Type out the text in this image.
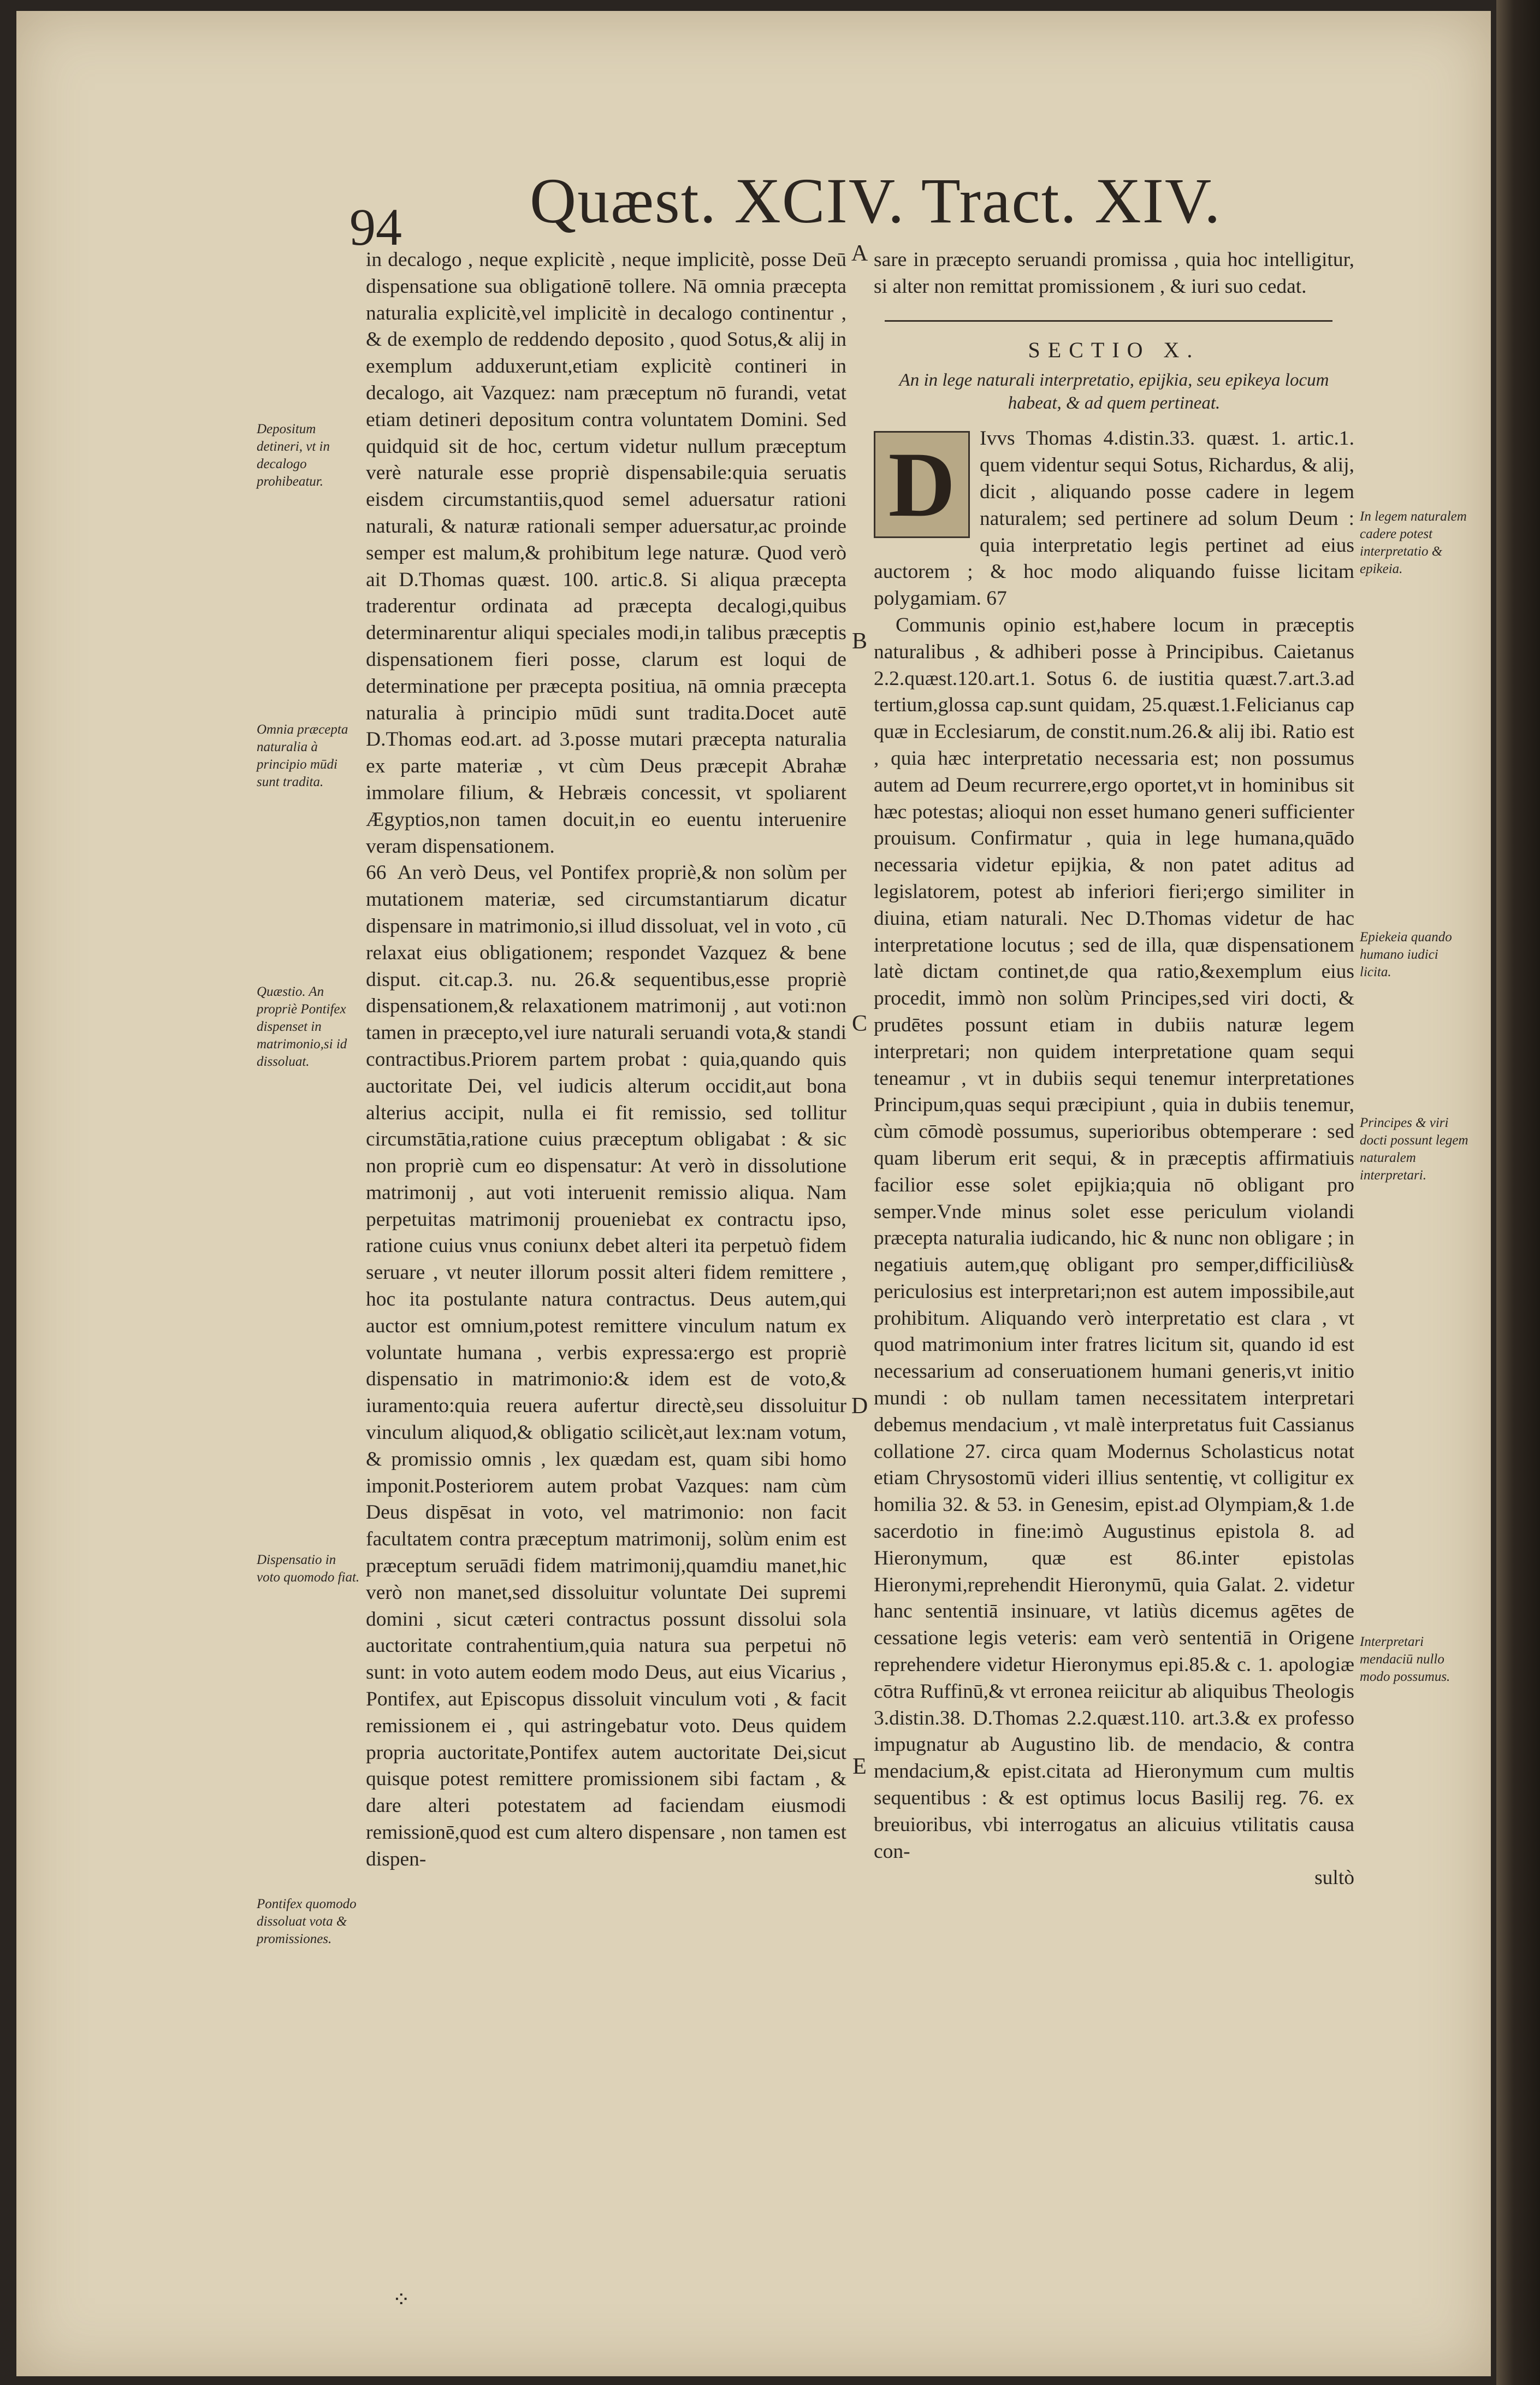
94 Quæst. XCIV. Tract. XIV.

in decalogo , neque explicitè , neque implicitè, posse Deū dispensatione sua obligationē tollere. Nā omnia præcepta naturalia explicitè,vel implicitè in decalogo continentur , & de exemplo de reddendo deposito , quod Sotus,& alij in exemplum adduxerunt,etiam explicitè contineri in decalogo, ait Vazquez: nam præceptum nō furandi, vetat etiam detineri depositum contra voluntatem Domini. Sed quidquid sit de hoc, certum videtur nullum præceptum verè naturale esse propriè dispensabile:quia seruatis eisdem circumstantiis,quod semel aduersatur rationi naturali, & naturæ rationali semper aduersatur,ac proinde semper est malum,& prohibitum lege naturæ. Quod verò ait D.Thomas quæst. 100. artic.8. Si aliqua præcepta traderentur ordinata ad præcepta decalogi,quibus determinarentur aliqui speciales modi,in talibus præceptis dispensationem fieri posse, clarum est loqui de determinatione per præcepta positiua, nā omnia præcepta naturalia à principio mūdi sunt tradita.Docet autē D.Thomas eod.art. ad 3.posse mutari præcepta naturalia ex parte materiæ , vt cùm Deus præcepit Abrahæ immolare filium, & Hebræis concessit, vt spoliarent Ægyptios,non tamen docuit,in eo euentu interuenire veram dispensationem.

66 An verò Deus, vel Pontifex propriè,& non solùm per mutationem materiæ, sed circumstantiarum dicatur dispensare in matrimonio,si illud dissoluat, vel in voto , cū relaxat eius obligationem; respondet Vazquez & bene disput. cit.cap.3. nu. 26.& sequentibus,esse propriè dispensationem,& relaxationem matrimonij , aut voti:non tamen in præcepto,vel iure naturali seruandi vota,& standi contractibus.Priorem partem probat : quia,quando quis auctoritate Dei, vel iudicis alterum occidit,aut bona alterius accipit, nulla ei fit remissio, sed tollitur circumstātia,ratione cuius præceptum obligabat : & sic non propriè cum eo dispensatur: At verò in dissolutione matrimonij , aut voti interuenit remissio aliqua. Nam perpetuitas matrimonij proueniebat ex contractu ipso, ratione cuius vnus coniunx debet alteri ita perpetuò fidem seruare , vt neuter illorum possit alteri fidem remittere , hoc ita postulante natura contractus. Deus autem,qui auctor est omnium,potest remittere vinculum natum ex voluntate humana , verbis expressa:ergo est propriè dispensatio in matrimonio:& idem est de voto,& iuramento:quia reuera aufertur directè,seu dissoluitur vinculum aliquod,& obligatio scilicèt,aut lex:nam votum, & promissio omnis , lex quædam est, quam sibi homo imponit.Posteriorem autem probat Vazques: nam cùm Deus dispēsat in voto, vel matrimonio: non facit facultatem contra præceptum matrimonij, solùm enim est præceptum seruādi fidem matrimonij,quamdiu manet,hic verò non manet,sed dissoluitur voluntate Dei supremi domini , sicut cæteri contractus possunt dissolui sola auctoritate contrahentium,quia natura sua perpetui nō sunt: in voto autem eodem modo Deus, aut eius Vicarius , Pontifex, aut Episcopus dissoluit vinculum voti , & facit remissionem ei , qui astringebatur voto. Deus quidem propria auctoritate,Pontifex autem auctoritate Dei,sicut quisque potest remittere promissionem sibi factam , & dare alteri potestatem ad faciendam eiusmodi remissionē,quod est cum altero dispensare , non tamen est dispen-

sare in præcepto seruandi promissa , quia hoc intelligitur, si alter non remittat promissionem , & iuri suo cedat.

SECTIO X.
An in lege naturali interpretatio, epijkia, seu epikeya locum habeat, & ad quem pertineat.
D	Ivvs Thomas 4.distin.33. quæst. 1. artic.1. quem videntur sequi Sotus, Richardus, & alij, dicit , aliquando posse cadere in legem naturalem; sed pertinere ad solum Deum : quia interpretatio legis pertinet ad eius auctorem ; & hoc modo aliquando fuisse licitam polygamiam. 67

Communis opinio est,habere locum in præceptis naturalibus , & adhiberi posse à Principibus. Caietanus 2.2.quæst.120.art.1. Sotus 6. de iustitia quæst.7.art.3.ad tertium,glossa cap.sunt quidam, 25.quæst.1.Felicianus cap quæ in Ecclesiarum, de constit.num.26.& alij ibi. Ratio est , quia hæc interpretatio necessaria est; non possumus autem ad Deum recurrere,ergo oportet,vt in hominibus sit hæc potestas; alioqui non esset humano generi sufficienter prouisum. Confirmatur , quia in lege humana,quādo necessaria videtur epijkia, & non patet aditus ad legislatorem, potest ab inferiori fieri;ergo similiter in diuina, etiam naturali. Nec D.Thomas videtur de hac interpretatione locutus ; sed de illa, quæ dispensationem latè dictam continet,de qua ratio,&exemplum eius procedit, immò non solùm Principes,sed viri docti, & prudētes possunt etiam in dubiis naturæ legem interpretari; non quidem interpretatione quam sequi teneamur , vt in dubiis sequi tenemur interpretationes Principum,quas sequi præcipiunt , quia in dubiis tenemur, cùm cōmodè possumus, superioribus obtemperare : sed quam liberum erit sequi, & in præceptis affirmatiuis facilior esse solet epijkia;quia nō obligant pro semper.Vnde minus solet esse periculum violandi præcepta naturalia iudicando, hic & nunc non obligare ; in negatiuis autem,quę obligant pro semper,difficiliùs& periculosius est interpretari;non est autem impossibile,aut prohibitum. Aliquando verò interpretatio est clara , vt quod matrimonium inter fratres licitum sit, quando id est necessarium ad conseruationem humani generis,vt initio mundi : ob nullam tamen necessitatem interpretari debemus mendacium , vt malè interpretatus fuit Cassianus collatione 27. circa quam Modernus Scholasticus notat etiam Chrysostomū videri illius sententię, vt colligitur ex homilia 32. & 53. in Genesim, epist.ad Olympiam,& 1.de sacerdotio in fine:imò Augustinus epistola 8. ad Hieronymum, quæ est 86.inter epistolas Hieronymi,reprehendit Hieronymū, quia Galat. 2. videtur hanc sententiā insinuare, vt latiùs dicemus agētes de cessatione legis veteris: eam verò sententiā in Origene reprehendere videtur Hieronymus epi.85.& c. 1. apologiæ cōtra Ruffinū,& vt erronea reiicitur ab aliquibus Theologis 3.distin.38. D.Thomas 2.2.quæst.110. art.3.& ex professo impugnatur ab Augustino lib. de mendacio, & contra mendacium,& epist.citata ad Hieronymum cum multis sequentibus : & est optimus locus Basilij reg. 76. ex breuioribus, vbi interrogatus an alicuius vtilitatis causa con-

sultò

Depositum detineri, vt in decalogo prohibeatur.
Omnia præcepta naturalia à principio mūdi sunt tradita.
Quæstio. An propriè Pontifex dispenset in matrimonio,si id dissoluat.
Dispensatio in voto quomodo fiat.
Pontifex quomodo dissoluat vota & promissiones.
In legem naturalem cadere potest interpretatio & epikeia.
Epiekeia quando humano iudici licita.
Principes & viri docti possunt legem naturalem interpretari.
Interpretari mendaciū nullo modo possumus.
A
B
C
D
E
⁘
